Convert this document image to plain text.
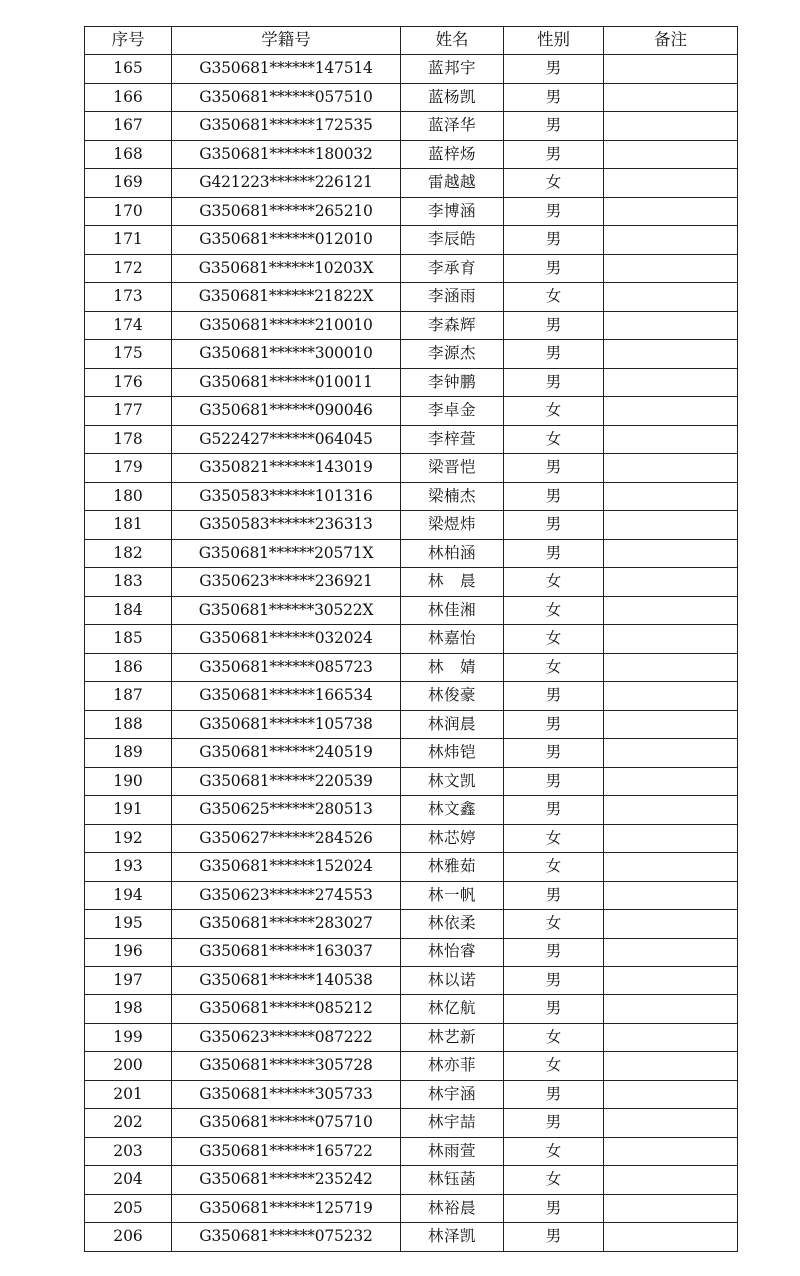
序号	学籍号	姓名	性别	备注
165	G350681******147514	蓝邦宇	男	
166	G350681******057510	蓝杨凯	男	
167	G350681******172535	蓝泽华	男	
168	G350681******180032	蓝梓炀	男	
169	G421223******226121	雷越越	女	
170	G350681******265210	李博涵	男	
171	G350681******012010	李辰皓	男	
172	G350681******10203X	李承育	男	
173	G350681******21822X	李涵雨	女	
174	G350681******210010	李森辉	男	
175	G350681******300010	李源杰	男	
176	G350681******010011	李钟鹏	男	
177	G350681******090046	李卓金	女	
178	G522427******064045	李梓萱	女	
179	G350821******143019	梁晋恺	男	
180	G350583******101316	梁楠杰	男	
181	G350583******236313	梁煜炜	男	
182	G350681******20571X	林柏涵	男	
183	G350623******236921	林　晨	女	
184	G350681******30522X	林佳湘	女	
185	G350681******032024	林嘉怡	女	
186	G350681******085723	林　婧	女	
187	G350681******166534	林俊豪	男	
188	G350681******105738	林润晨	男	
189	G350681******240519	林炜铠	男	
190	G350681******220539	林文凯	男	
191	G350625******280513	林文鑫	男	
192	G350627******284526	林芯婷	女	
193	G350681******152024	林雅茹	女	
194	G350623******274553	林一帆	男	
195	G350681******283027	林依柔	女	
196	G350681******163037	林怡睿	男	
197	G350681******140538	林以诺	男	
198	G350681******085212	林亿航	男	
199	G350623******087222	林艺新	女	
200	G350681******305728	林亦菲	女	
201	G350681******305733	林宇涵	男	
202	G350681******075710	林宇喆	男	
203	G350681******165722	林雨萱	女	
204	G350681******235242	林钰菡	女	
205	G350681******125719	林裕晨	男	
206	G350681******075232	林泽凯	男	
